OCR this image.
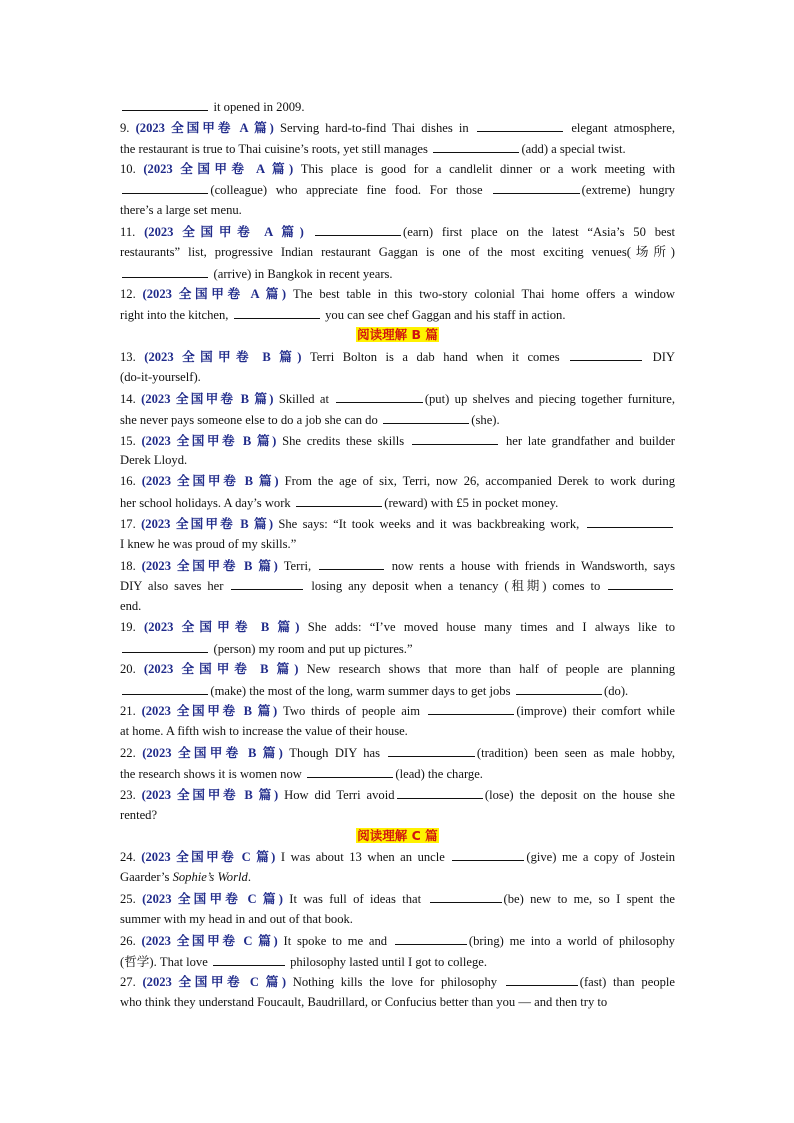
it opened in 2009.
9. (2023 全国甲卷 A 篇) Serving hard-to-find Thai dishes in	elegant atmosphere,
the restaurant is true to Thai cuisine’s roots, yet still manages	(add) a special twist.
10. (2023 全国甲卷 A 篇) This place is good for a candlelit dinner or a work meeting with
(colleague) who appreciate fine food. For those	(extreme) hungry
there’s a large set menu.
11. (2023 全国甲卷 A 篇)	(earn) first place on the latest “Asia’s 50 best
restaurants” list, progressive Indian restaurant Gaggan is one of the most exciting venues(场所)
(arrive) in Bangkok in recent years.
12. (2023 全国甲卷 A 篇) The best table in this two-story colonial Thai home offers a window
right into the kitchen,	you can see chef Gaggan and his staff in action.
阅读理解 B 篇
13. (2023 全国甲卷 B 篇) Terri Bolton is a dab hand when it comes	DIY
(do-it-yourself).
14. (2023 全国甲卷 B 篇) Skilled at	(put) up shelves and piecing together furniture,
she never pays someone else to do a job she can do	(she).
15. (2023 全国甲卷 B 篇) She credits these skills	her late grandfather and builder
Derek Lloyd.
16. (2023 全国甲卷 B 篇) From the age of six, Terri, now 26, accompanied Derek to work during
her school holidays. A day’s work	(reward) with £5 in pocket money.
17. (2023 全国甲卷 B 篇) She says: “It took weeks and it was backbreaking work,
I knew he was proud of my skills.”
18. (2023 全国甲卷 B 篇) Terri,	now rents a house with friends in Wandsworth, says
DIY also saves her	losing any deposit when a tenancy (租期) comes to
end.
19. (2023 全国甲卷 B 篇) She adds: “I’ve moved house many times and I always like to
(person) my room and put up pictures.”
20. (2023 全国甲卷 B 篇) New research shows that more than half of people are planning
(make) the most of the long, warm summer days to get jobs	(do).
21. (2023 全国甲卷 B 篇) Two thirds of people aim	(improve) their comfort while
at home. A fifth wish to increase the value of their house.
22. (2023 全国甲卷 B 篇) Though DIY has	(tradition) been seen as male hobby,
the research shows it is women now	(lead) the charge.
23. (2023 全国甲卷 B 篇) How did Terri avoid	(lose) the deposit on the house she
rented?
阅读理解 C 篇
24. (2023 全国甲卷 C 篇) I was about 13 when an uncle	(give) me a copy of Jostein
Gaarder’s Sophie’s World.
25. (2023 全国甲卷 C 篇) It was full of ideas that	(be) new to me, so I spent the
summer with my head in and out of that book.
26. (2023 全国甲卷 C 篇) It spoke to me and	(bring) me into a world of philosophy
(哲学). That love	philosophy lasted until I got to college.
27. (2023 全国甲卷 C 篇) Nothing kills the love for philosophy	(fast) than people
who think they understand Foucault, Baudrillard, or Confucius better than you — and then try to
